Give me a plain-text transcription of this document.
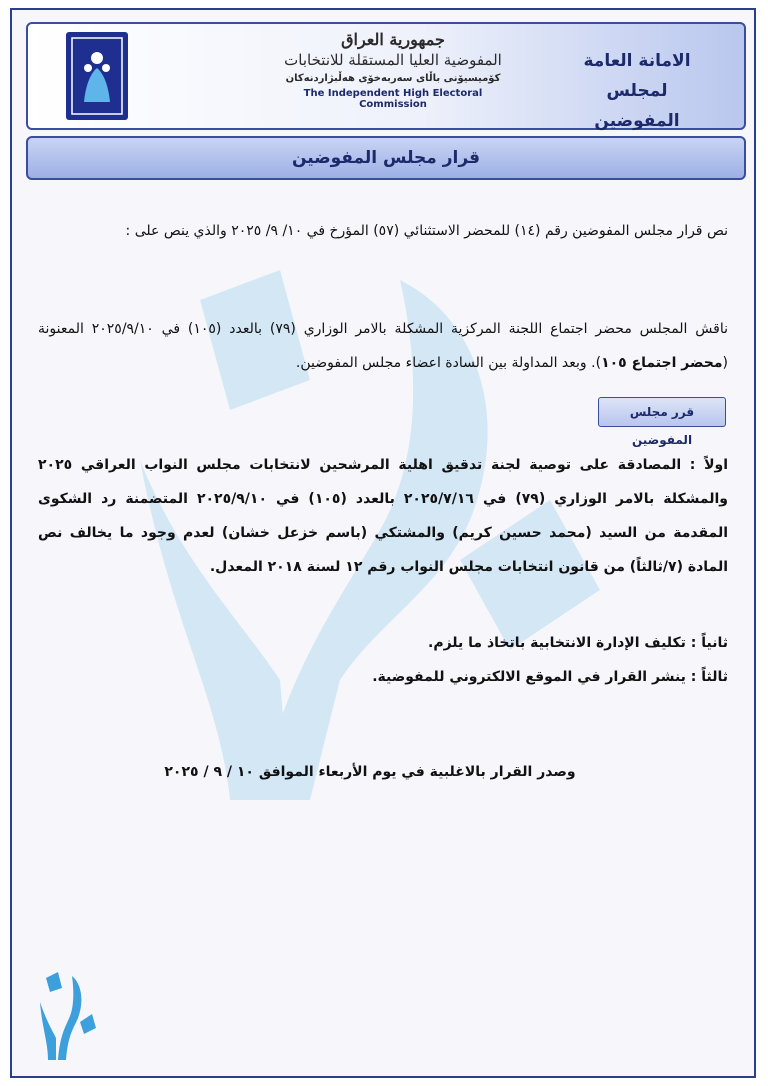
جمهورية العراق
المفوضية العليا المستقلة للانتخابات
كۆمیسیۆنی باڵای سەربەخۆی هەڵبژاردنەکان
The Independent High Electoral Commission
الامانة العامة
لمجلس المفوضين
قرار مجلس المفوضين

نص قرار مجلس المفوضين رقم (١٤) للمحضر الاستثنائي (٥٧) المؤرخ في ١٠/ ٩/ ٢٠٢٥ والذي ينص على :

ناقش المجلس محضر اجتماع اللجنة المركزية المشكلة بالامر الوزاري (٧٩) بالعدد (١٠٥) في ٢٠٢٥/٩/١٠ المعنونة (محضر اجتماع ١٠٥). وبعد المداولة بين السادة اعضاء مجلس المفوضين.

قرر مجلس المفوضين

اولاً : المصادقة على توصية لجنة تدقيق اهلية المرشحين لانتخابات مجلس النواب العراقي ٢٠٢٥ والمشكلة بالامر الوزاري (٧٩) في ٢٠٢٥/٧/١٦ بالعدد (١٠٥) في ٢٠٢٥/٩/١٠ المتضمنة رد الشكوى المقدمة من السيد (محمد حسين كريم) والمشتكي (باسم خزعل خشان) لعدم وجود ما يخالف نص المادة (٧/ثالثاً) من قانون انتخابات مجلس النواب رقم ١٢ لسنة ٢٠١٨ المعدل.

ثانياً : تكليف الإدارة الانتخابية باتخاذ ما يلزم.

ثالثاً : ينشر القرار في الموقع الالكتروني للمفوضية.

وصدر القرار بالاغلبية في يوم الأربعاء الموافق ١٠ / ٩ / ٢٠٢٥
